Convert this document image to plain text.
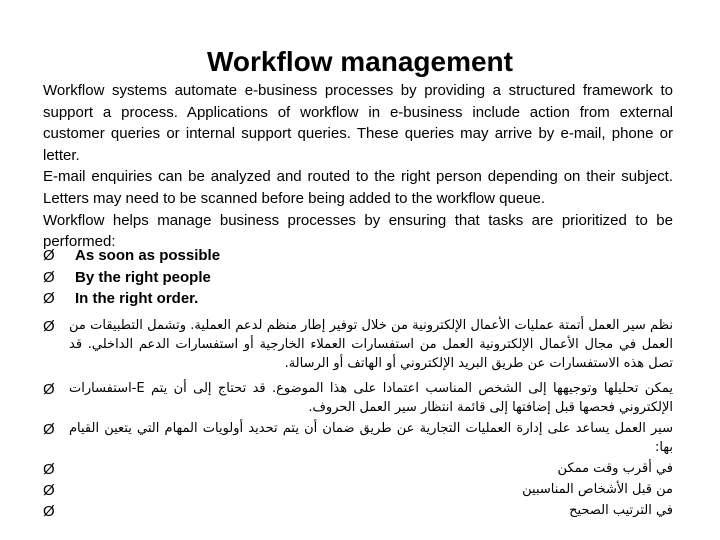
Workflow management

Workflow systems automate e-business processes by providing a structured framework to support a process. Applications of workflow in e-business include action from external customer queries or internal support queries. These queries may arrive by e-mail, phone or letter.

E-mail enquiries can be analyzed and routed to the right person depending on their subject. Letters may need to be scanned before being added to the workflow queue.

Workflow helps manage business processes by ensuring that tasks are prioritized to be performed:

Ø	As soon as possible
Ø	By the right people
Ø	In the right order.
Ø	نظم سير العمل أتمتة عمليات الأعمال الإلكترونية من خلال توفير إطار منظم لدعم العملية. وتشمل التطبيقات من العمل في مجال الأعمال الإلكترونية العمل من استفسارات العملاء الخارجية أو استفسارات الدعم الداخلي. قد تصل هذه الاستفسارات عن طريق البريد الإلكتروني أو الهاتف أو الرسالة.
Ø	يمكن تحليلها وتوجيهها إلى الشخص المناسب اعتمادا على هذا الموضوع. قد تحتاج إلى أن يتم E-استفسارات الإلكتروني فحصها قبل إضافتها إلى قائمة انتظار سير العمل الحروف.
Ø	سير العمل يساعد على إدارة العمليات التجارية عن طريق ضمان أن يتم تحديد أولويات المهام التي يتعين القيام بها:
Ø	في أقرب وقت ممكن
Ø	من قبل الأشخاص المناسبين
Ø	في الترتيب الصحيح
